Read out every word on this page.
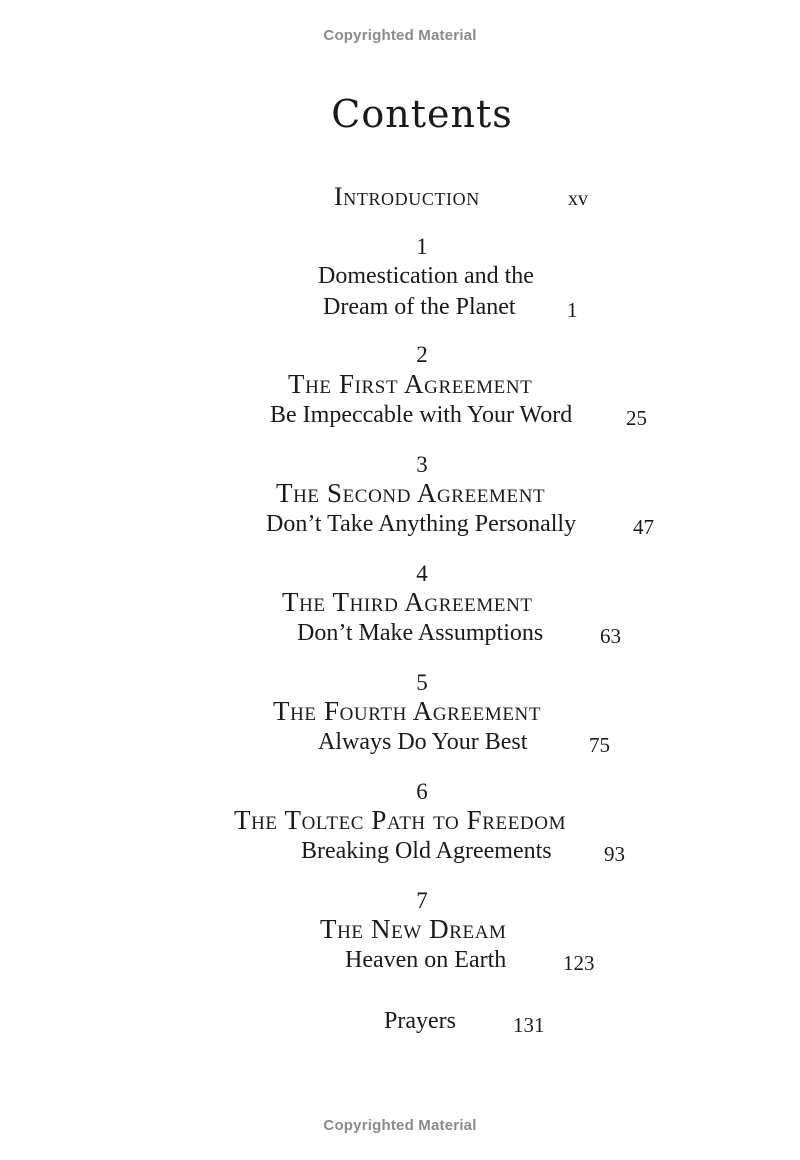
Copyrighted Material
Contents
Introduction	xv
1
Domestication and the
Dream of the Planet 1
2
The First Agreement
Be Impeccable with Your Word	25
3
The Second Agreement
Don’t Take Anything Personally	47
4
The Third Agreement
Don’t Make Assumptions	63
5
The Fourth Agreement
Always Do Your Best	75
6
The Toltec Path to Freedom
Breaking Old Agreements 93
7
The New Dream
Heaven on Earth	123
Prayers	131
Copyrighted Material
